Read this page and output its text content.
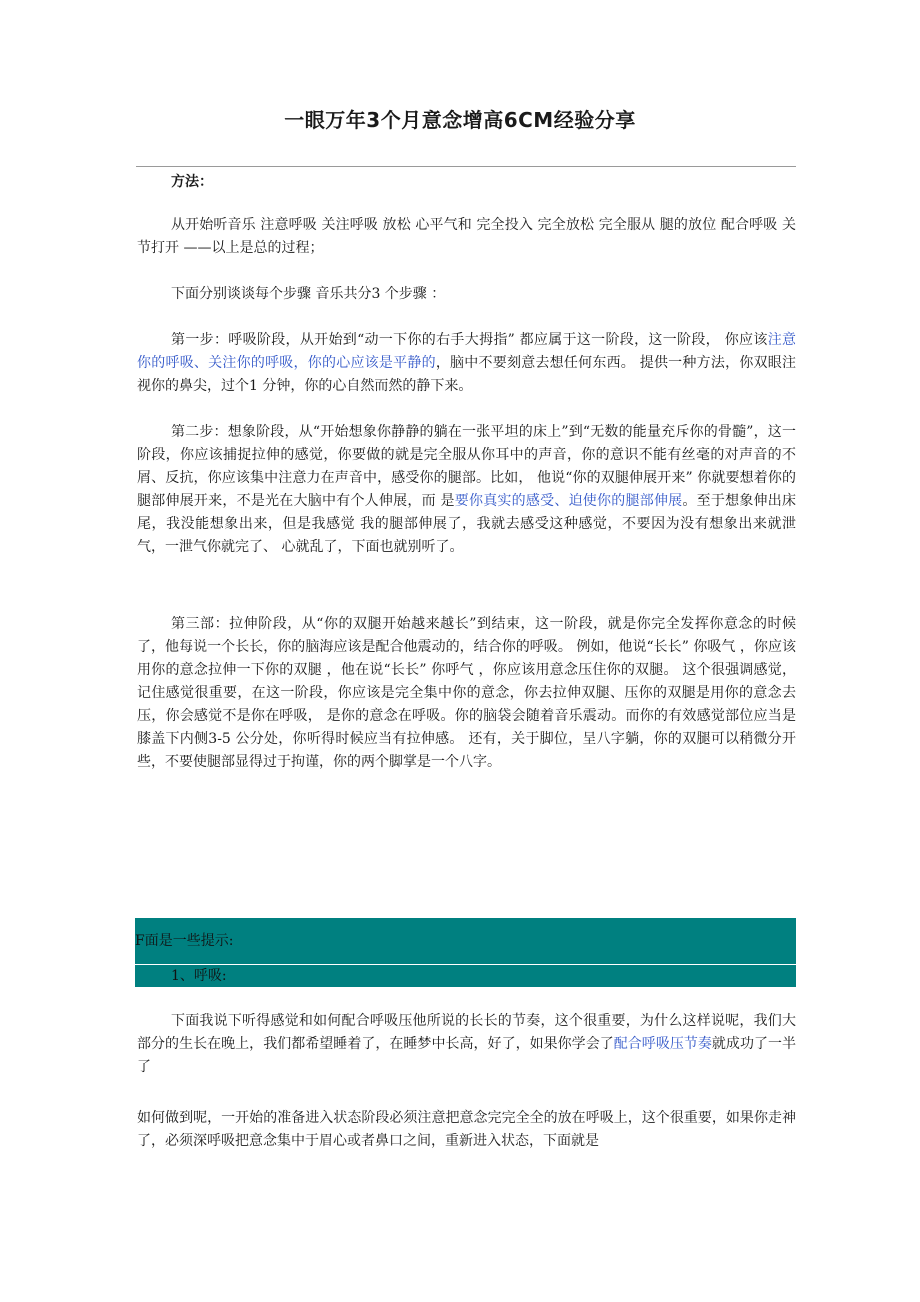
一眼万年3个月意念增高6CM经验分享
方法：
从开始听音乐 注意呼吸 关注呼吸 放松 心平气和 完全投入 完全放松 完全服从 腿的放位 配合呼吸 关节打开 ——以上是总的过程；
下面分别谈谈每个步骤 音乐共分3 个步骤 ：
第一步：呼吸阶段，从开始到“动一下你的右手大拇指” 都应属于这一阶段，这一阶段， 你应该注意你的呼吸、关注你的呼吸，你的心应该是平静的，脑中不要刻意去想任何东西。 提供一种方法，你双眼注视你的鼻尖，过个1 分钟，你的心自然而然的静下来。
第二步：想象阶段，从“开始想象你静静的躺在一张平坦的床上”到“无数的能量充斥你的骨髓”，这一阶段，你应该捕捉拉伸的感觉，你要做的就是完全服从你耳中的声音，你的意识不能有丝毫的对声音的不屑、反抗，你应该集中注意力在声音中，感受你的腿部。比如， 他说“你的双腿伸展开来” 你就要想着你的腿部伸展开来，不是光在大脑中有个人伸展，而 是要你真实的感受、迫使你的腿部伸展。至于想象伸出床尾，我没能想象出来，但是我感觉 我的腿部伸展了，我就去感受这种感觉，不要因为没有想象出来就泄气，一泄气你就完了、 心就乱了，下面也就别听了。
第三部：拉伸阶段，从“你的双腿开始越来越长”到结束，这一阶段，就是你完全发挥你意念的时候了，他每说一个长长，你的脑海应该是配合他震动的，结合你的呼吸。 例如，他说“长长” 你吸气 ，你应该用你的意念拉伸一下你的双腿 ，他在说“长长” 你呼气 ，你应该用意念压住你的双腿。 这个很强调感觉，记住感觉很重要，在这一阶段，你应该是完全集中你的意念，你去拉伸双腿、压你的双腿是用你的意念去压，你会感觉不是你在呼吸， 是你的意念在呼吸。你的脑袋会随着音乐震动。而你的有效感觉部位应当是膝盖下内侧3-5 公分处，你听得时候应当有拉伸感。 还有，关于脚位，呈八字躺，你的双腿可以稍微分开 些，不要使腿部显得过于拘谨，你的两个脚掌是一个八字。
F面是一些提示:
1、呼吸:
下面我说下听得感觉和如何配合呼吸压他所说的长长的节奏，这个很重要，为什么这样说呢，我们大部分的生长在晚上，我们都希望睡着了，在睡梦中长高，好了，如果你学会了配合呼吸压节奏就成功了一半了
如何做到呢，一开始的准备进入状态阶段必须注意把意念完完全全的放在呼吸上，这个很重要，如果你走神了，必须深呼吸把意念集中于眉心或者鼻口之间，重新进入状态，下面就是
